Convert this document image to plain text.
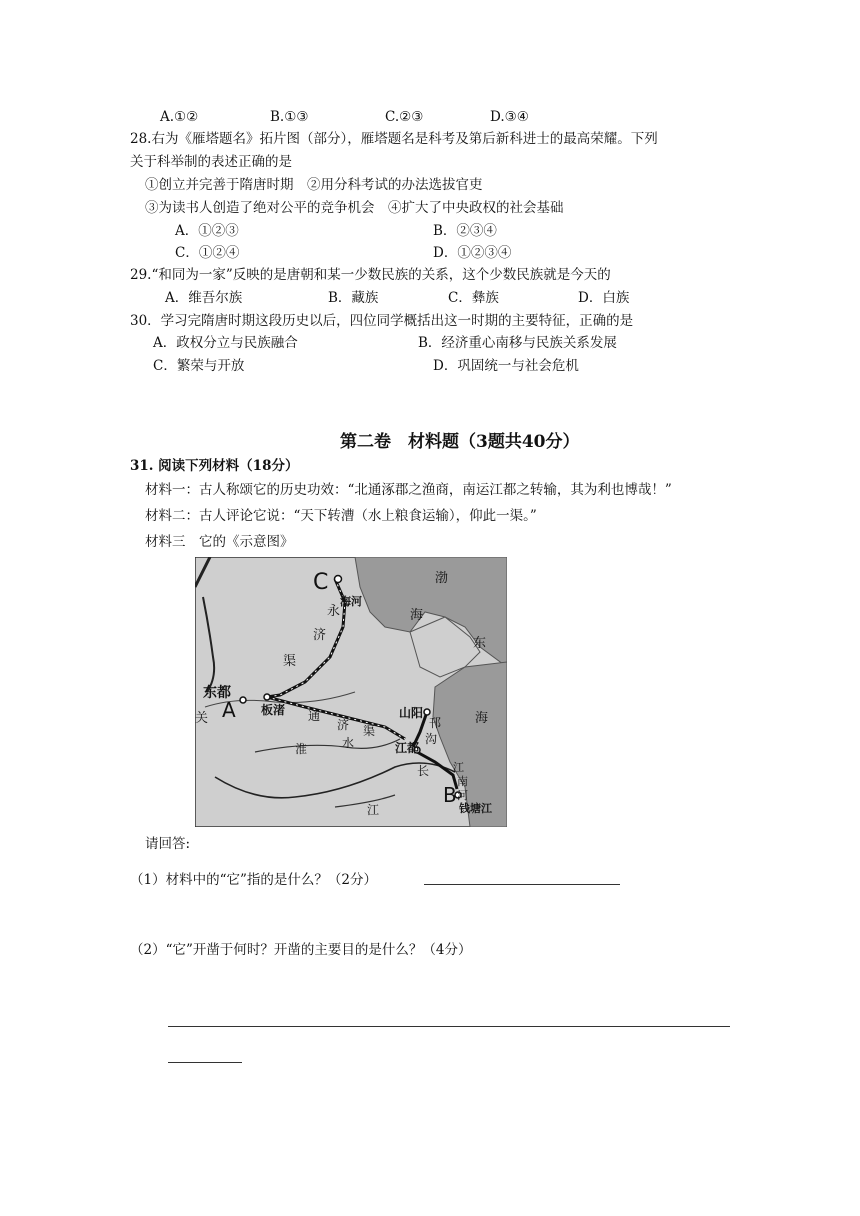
A.①②	B.①③	C.②③	D.③④
28.右为《雁塔题名》拓片图（部分），雁塔题名是科考及第后新科进士的最高荣耀。下列
关于科举制的表述正确的是
①创立并完善于隋唐时期　②用分科考试的办法选拔官吏
③为读书人创造了绝对公平的竞争机会　④扩大了中央政权的社会基础
A．①②③	B．②③④
C．①②④	D．①②③④
29.“和同为一家”反映的是唐朝和某一少数民族的关系，这个少数民族就是今天的
A．维吾尔族	B．藏族	C．彝族	D．白族
30．学习完隋唐时期这段历史以后，四位同学概括出这一时期的主要特征，正确的是
A．政权分立与民族融合	B．经济重心南移与民族关系发展
C．繁荣与开放	D．巩固统一与社会危机
第二卷　材料题（3题共40分）
31. 阅读下列材料（18分）
材料一：古人称颂它的历史功效：“北通涿郡之渔商，南运江都之转输，其为利也博哉！”
材料二：古人评论它说：“天下转漕（水上粮食运输），仰此一渠。”
材料三　它的《示意图》
C
海河
渤
海
永
济
渠
东
海
东都
关 A 板渚 通
济 渠
山阳
邗
沟
淮	水	江都
长 江
南
河
B
钱塘江
江
请回答:
（1）材料中的“它”指的是什么？（2分）
（2）“它”开凿于何时？开凿的主要目的是什么？（4分）
